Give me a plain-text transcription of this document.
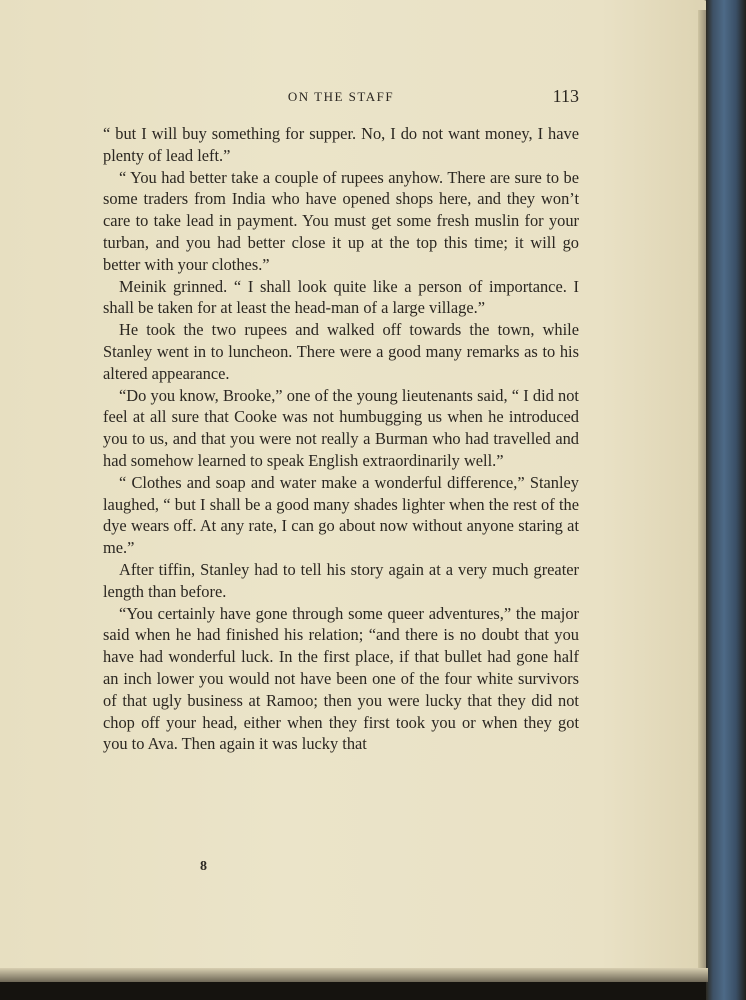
ON THE STAFF	113

“ but I will buy something for supper. No, I do not want money, I have plenty of lead left.”

“ You had better take a couple of rupees anyhow. There are sure to be some traders from India who have opened shops here, and they won’t care to take lead in payment. You must get some fresh muslin for your turban, and you had better close it up at the top this time; it will go better with your clothes.”

Meinik grinned. “ I shall look quite like a person of importance. I shall be taken for at least the head-man of a large village.”

He took the two rupees and walked off towards the town, while Stanley went in to luncheon. There were a good many remarks as to his altered appearance.

“Do you know, Brooke,” one of the young lieutenants said, “ I did not feel at all sure that Cooke was not humbugging us when he introduced you to us, and that you were not really a Burman who had travelled and had somehow learned to speak English extraordinarily well.”

“ Clothes and soap and water make a wonderful difference,” Stanley laughed, “ but I shall be a good many shades lighter when the rest of the dye wears off. At any rate, I can go about now without anyone staring at me.”

After tiffin, Stanley had to tell his story again at a very much greater length than before.

“You certainly have gone through some queer adventures,” the major said when he had finished his relation; “and there is no doubt that you have had wonderful luck. In the first place, if that bullet had gone half an inch lower you would not have been one of the four white survivors of that ugly business at Ramoo; then you were lucky that they did not chop off your head, either when they first took you or when they got you to Ava. Then again it was lucky that

8
